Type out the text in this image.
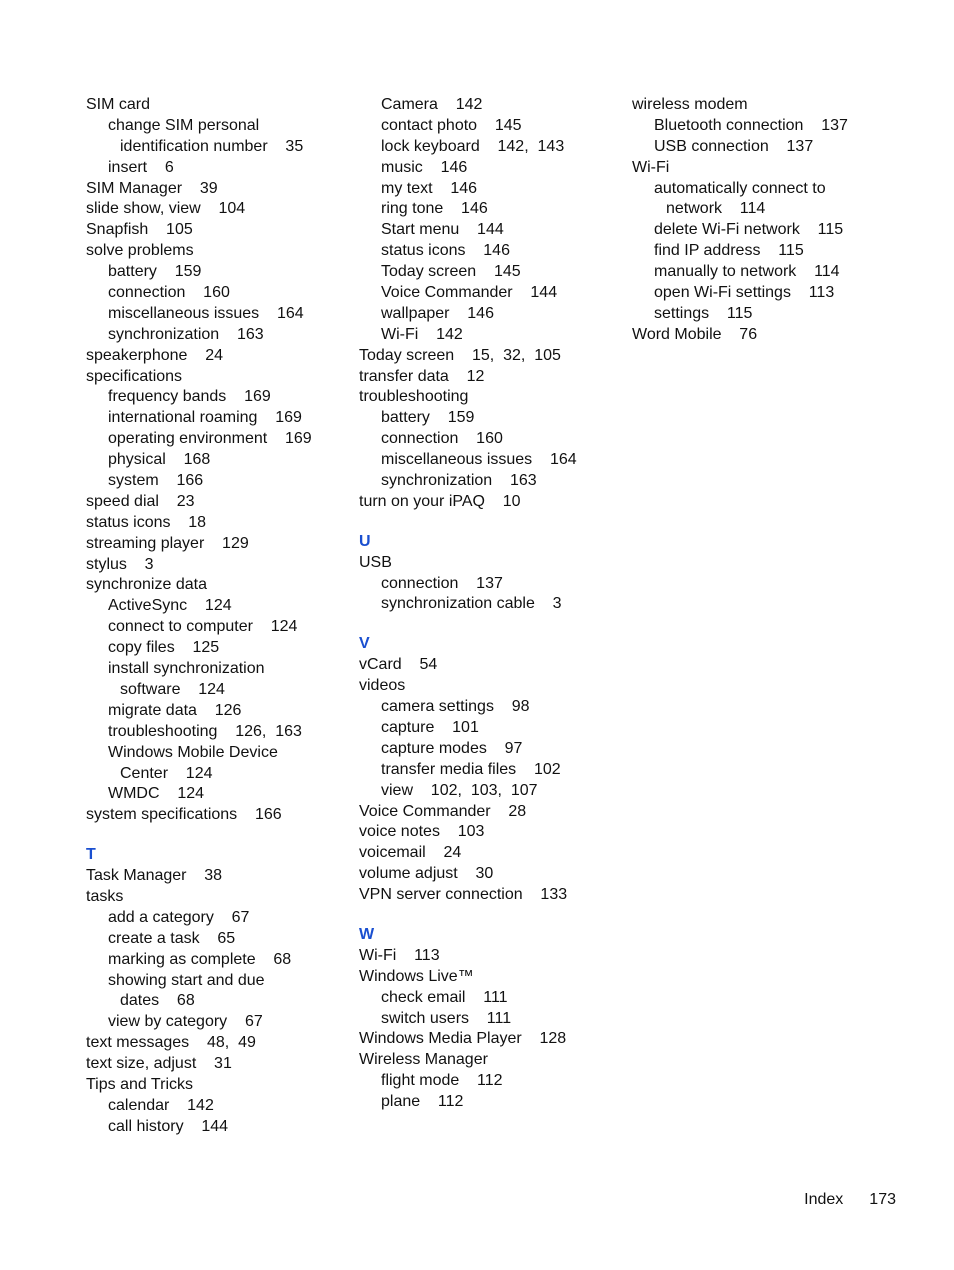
SIM card
change SIM personal
identification number    35
insert    6
SIM Manager    39
slide show, view    104
Snapfish    105
solve problems
battery    159
connection    160
miscellaneous issues    164
synchronization    163
speakerphone    24
specifications
frequency bands    169
international roaming    169
operating environment    169
physical    168
system    166
speed dial    23
status icons    18
streaming player    129
stylus    3
synchronize data
ActiveSync    124
connect to computer    124
copy files    125
install synchronization
software    124
migrate data    126
troubleshooting    126,  163
Windows Mobile Device
Center    124
WMDC    124
system specifications    166
T
Task Manager    38
tasks
add a category    67
create a task    65
marking as complete    68
showing start and due
dates    68
view by category    67
text messages    48,  49
text size, adjust    31
Tips and Tricks
calendar    142
call history    144
Camera    142
contact photo    145
lock keyboard    142,  143
music    146
my text    146
ring tone    146
Start menu    144
status icons    146
Today screen    145
Voice Commander    144
wallpaper    146
Wi-Fi    142
Today screen    15,  32,  105
transfer data    12
troubleshooting
battery    159
connection    160
miscellaneous issues    164
synchronization    163
turn on your iPAQ    10
U
USB
connection    137
synchronization cable    3
V
vCard    54
videos
camera settings    98
capture    101
capture modes    97
transfer media files    102
view    102,  103,  107
Voice Commander    28
voice notes    103
voicemail    24
volume adjust    30
VPN server connection    133
W
Wi-Fi    113
Windows Live™
check email    111
switch users    111
Windows Media Player    128
Wireless Manager
flight mode    112
plane    112
wireless modem
Bluetooth connection    137
USB connection    137
Wi-Fi
automatically connect to
network    114
delete Wi-Fi network    115
find IP address    115
manually to network    114
open Wi-Fi settings    113
settings    115
Word Mobile    76
Index 173
